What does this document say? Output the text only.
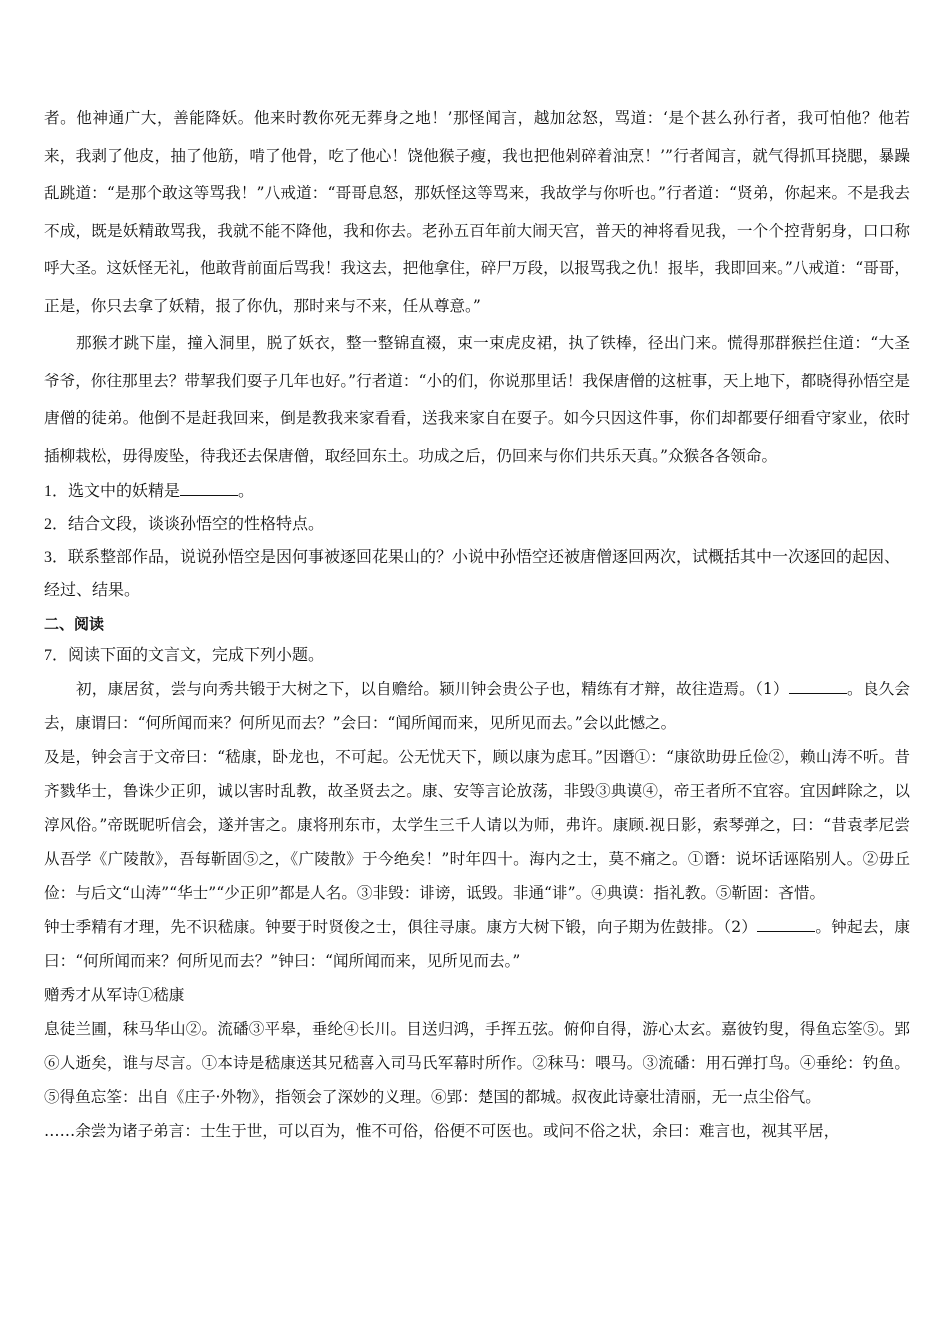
者。他神通广大，善能降妖。他来时教你死无葬身之地！’那怪闻言，越加忿怒，骂道：‘是个甚么孙行者，我可怕他？他若来，我剥了他皮，抽了他筋，啃了他骨，吃了他心！饶他猴子瘦，我也把他剁碎着油烹！’”行者闻言，就气得抓耳挠腮，暴躁乱跳道：“是那个敢这等骂我！”八戒道：“哥哥息怒，那妖怪这等骂来，我故学与你听也。”行者道：“贤弟，你起来。不是我去不成，既是妖精敢骂我，我就不能不降他，我和你去。老孙五百年前大闹天宫，普天的神将看见我，一个个控背躬身，口口称呼大圣。这妖怪无礼，他敢背前面后骂我！我这去，把他拿住，碎尸万段，以报骂我之仇！报毕，我即回来。”八戒道：“哥哥，正是，你只去拿了妖精，报了你仇，那时来与不来，任从尊意。”

那猴才跳下崖，撞入洞里，脱了妖衣，整一整锦直裰，束一束虎皮裙，执了铁棒，径出门来。慌得那群猴拦住道：“大圣爷爷，你往那里去？带挈我们耍子几年也好。”行者道：“小的们，你说那里话！我保唐僧的这桩事，天上地下，都晓得孙悟空是唐僧的徒弟。他倒不是赶我回来，倒是教我来家看看，送我来家自在耍子。如今只因这件事，你们却都要仔细看守家业，依时插柳栽松，毋得废坠，待我还去保唐僧，取经回东土。功成之后，仍回来与你们共乐天真。”众猴各各领命。

1．选文中的妖精是	。

2．结合文段，谈谈孙悟空的性格特点。

3．联系整部作品，说说孙悟空是因何事被逐回花果山的？小说中孙悟空还被唐僧逐回两次，试概括其中一次逐回的起因、经过、结果。

二、阅读

7．阅读下面的文言文，完成下列小题。

初，康居贫，尝与向秀共锻于大树之下，以自赡给。颍川钟会贵公子也，精练有才辩，故往造焉。（1）	。良久会去，康谓曰：“何所闻而来？何所见而去？”会曰：“闻所闻而来，见所见而去。”会以此憾之。

及是，钟会言于文帝曰：“嵇康，卧龙也，不可起。公无忧天下，顾以康为虑耳。”因谮①：“康欲助毋丘俭②，赖山涛不听。昔齐戮华士，鲁诛少正卯，诚以害时乱教，故圣贤去之。康、安等言论放荡，非毁③典谟④，帝王者所不宜容。宜因衅除之，以淳风俗。”帝既昵听信会，遂并害之。康将刑东市，太学生三千人请以为师，弗许。康顾.视日影，索琴弹之，曰：“昔袁孝尼尝从吾学《广陵散》，吾每靳固⑤之，《广陵散》于今绝矣！”时年四十。海内之士，莫不痛之。①谮：说坏话诬陷别人。②毋丘俭：与后文“山涛”“华士”“少正卯”都是人名。③非毁：诽谤，诋毁。非通“诽”。④典谟：指礼教。⑤靳固：吝惜。

钟士季精有才理，先不识嵇康。钟要于时贤俊之士，俱往寻康。康方大树下锻，向子期为佐鼓排。（2）	。钟起去，康曰：“何所闻而来？何所见而去？”钟曰：“闻所闻而来，见所见而去。”

赠秀才从军诗①嵇康

息徒兰圃，秣马华山②。流磻③平皋，垂纶④长川。目送归鸿，手挥五弦。俯仰自得，游心太玄。嘉彼钓叟，得鱼忘筌⑤。郢⑥人逝矣，谁与尽言。①本诗是嵇康送其兄嵇喜入司马氏军幕时所作。②秣马：喂马。③流磻：用石弹打鸟。④垂纶：钓鱼。⑤得鱼忘筌：出自《庄子·外物》，指领会了深妙的义理。⑥郢：楚国的都城。叔夜此诗豪壮清丽，无一点尘俗气。

……余尝为诸子弟言：士生于世，可以百为，惟不可俗，俗便不可医也。或问不俗之状，余曰：难言也，视其平居，
